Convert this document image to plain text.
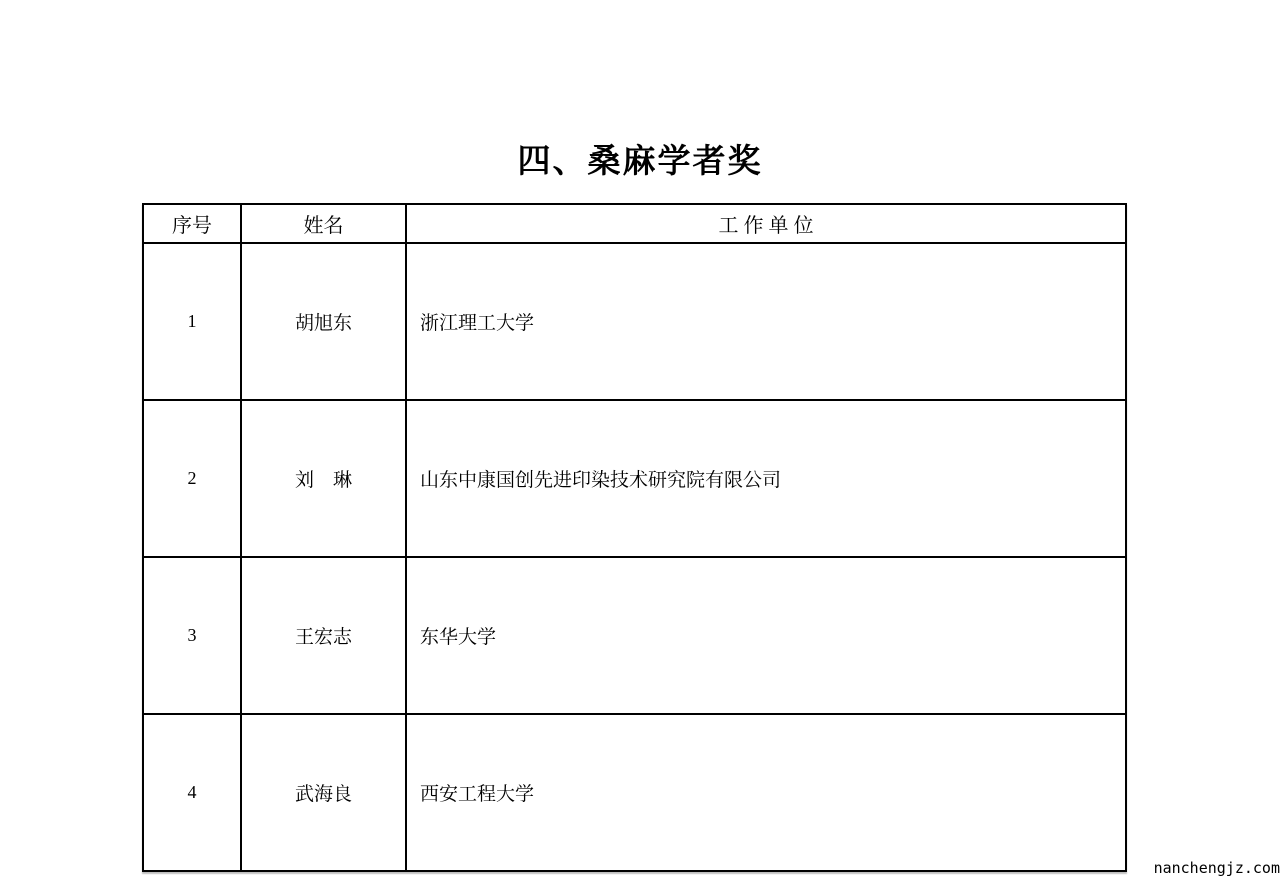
四、桑麻学者奖
序号	姓名	工 作 单 位
1	胡旭东	浙江理工大学
2	刘　琳	山东中康国创先进印染技术研究院有限公司
3	王宏志	东华大学
4	武海良	西安工程大学
nanchengjz.com
